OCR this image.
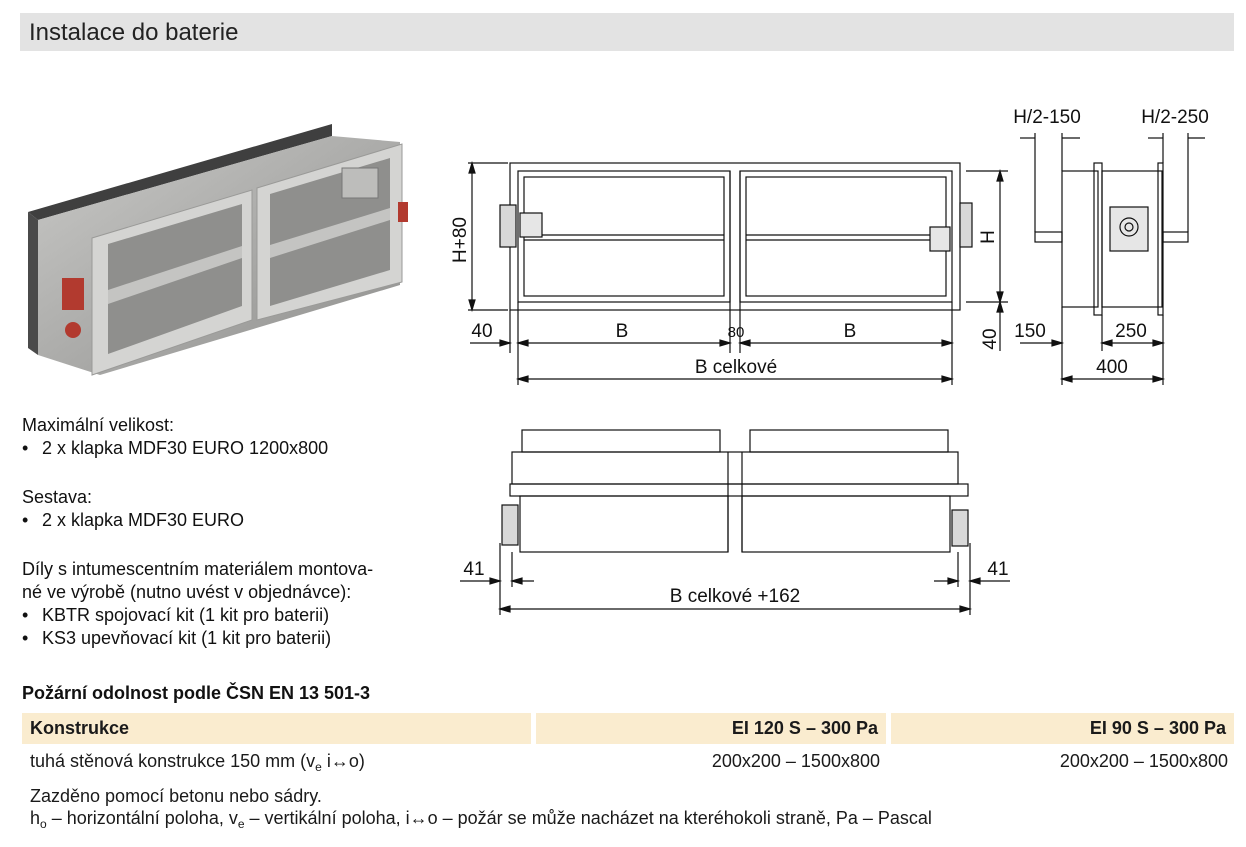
Instalace do baterie
H+80	H
40
H/2-150	H/2-250
40	B	80	B
B celkové
150	250
400
41	41
B celkové +162
Maximální velikost:
• 2 x klapka MDF30 EURO 1200x800
Sestava:
• 2 x klapka MDF30 EURO
Díly s intumescentním materiálem montova-
né ve výrobě (nutno uvést v objednávce):
• KBTR spojovací kit (1 kit pro baterii)
• KS3 upevňovací kit (1 kit pro baterii)
Požární odolnost podle ČSN EN 13 501-3
Konstrukce	EI 120 S – 300 Pa	EI 90 S – 300 Pa
tuhá stěnová konstrukce 150 mm ($v_e$ i↔o)	200x200 – 1500x800	200x200 – 1500x800
Zazděno pomocí betonu nebo sádry.
$h_o$ – horizontální poloha, $v_e$ – vertikální poloha, i↔o – požár se může nacházet na kteréhokoli straně, Pa – Pascal
